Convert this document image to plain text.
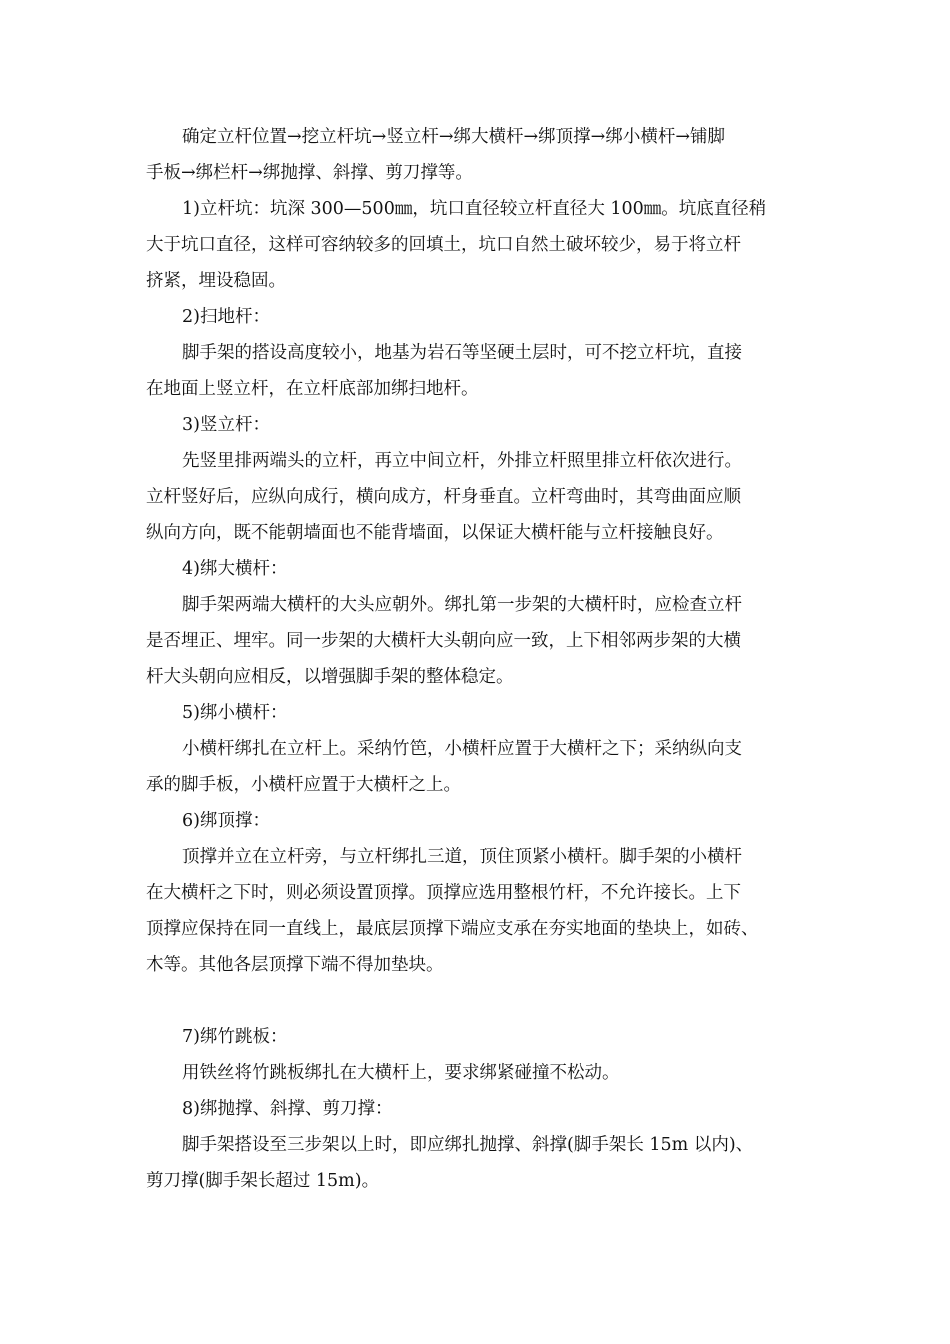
确定立杆位置→挖立杆坑→竖立杆→绑大横杆→绑顶撑→绑小横杆→铺脚
手板→绑栏杆→绑抛撑、斜撑、剪刀撑等。
1)立杆坑：坑深 300—500㎜，坑口直径较立杆直径大 100㎜。坑底直径稍
大于坑口直径，这样可容纳较多的回填土，坑口自然土破坏较少，易于将立杆
挤紧，埋设稳固。
2)扫地杆：
脚手架的搭设高度较小，地基为岩石等坚硬土层时，可不挖立杆坑，直接
在地面上竖立杆，在立杆底部加绑扫地杆。
3)竖立杆：
先竖里排两端头的立杆，再立中间立杆，外排立杆照里排立杆依次进行。
立杆竖好后，应纵向成行，横向成方，杆身垂直。立杆弯曲时，其弯曲面应顺
纵向方向，既不能朝墙面也不能背墙面，以保证大横杆能与立杆接触良好。
4)绑大横杆：
脚手架两端大横杆的大头应朝外。绑扎第一步架的大横杆时，应检查立杆
是否埋正、埋牢。同一步架的大横杆大头朝向应一致，上下相邻两步架的大横
杆大头朝向应相反，以增强脚手架的整体稳定。
5)绑小横杆：
小横杆绑扎在立杆上。采纳竹笆，小横杆应置于大横杆之下；采纳纵向支
承的脚手板，小横杆应置于大横杆之上。
6)绑顶撑：
顶撑并立在立杆旁，与立杆绑扎三道，顶住顶紧小横杆。脚手架的小横杆
在大横杆之下时，则必须设置顶撑。顶撑应选用整根竹杆，不允许接长。上下
顶撑应保持在同一直线上，最底层顶撑下端应支承在夯实地面的垫块上，如砖、
木等。其他各层顶撑下端不得加垫块。
7)绑竹跳板：
用铁丝将竹跳板绑扎在大横杆上，要求绑紧碰撞不松动。
8)绑抛撑、斜撑、剪刀撑：
脚手架搭设至三步架以上时，即应绑扎抛撑、斜撑(脚手架长 15m 以内)、
剪刀撑(脚手架长超过 15m)。
